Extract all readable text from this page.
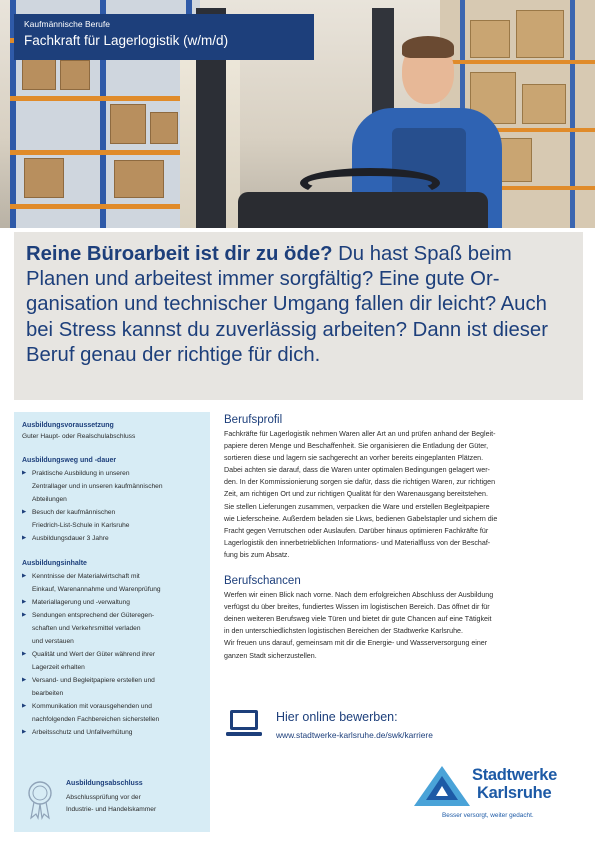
Kaufmännische Berufe
Fachkraft für Lagerlogistik (w/m/d)

Reine Büroarbeit ist dir zu öde? Du hast Spaß beim Planen und arbeitest immer sorgfältig? Eine gute Organisation und technischer Umgang fallen dir leicht? Auch bei Stress kannst du zuverlässig arbeiten? Dann ist dieser Beruf genau der richtige für dich.

Ausbildungsvoraussetzung
Guter Haupt- oder Realschulabschluss
Ausbildungsweg und -dauer
▶ Praktische Ausbildung in unseren
Zentrallager und in unseren kaufmännischen
Abteilungen
▶ Besuch der kaufmännischen
Friedrich-List-Schule in Karlsruhe
▶ Ausbildungsdauer 3 Jahre
Ausbildungsinhalte
▶ Kenntnisse der Materialwirtschaft mit
Einkauf, Warenannahme und Warenprüfung
▶ Materiallagerung und -verwaltung
▶ Sendungen entsprechend der Güteregen-
schaften und Verkehrsmittel verladen
und verstauen
▶ Qualität und Wert der Güter während ihrer
Lagerzeit erhalten
▶ Versand- und Begleitpapiere erstellen und
bearbeiten
▶ Kommunikation mit vorausgehenden und
nachfolgenden Fachbereichen sicherstellen
▶ Arbeitsschutz und Unfallverhütung
Ausbildungsabschluss
Abschlussprüfung vor der
Industrie- und Handelskammer
Berufsprofil
Fachkräfte für Lagerlogistik nehmen Waren aller Art an und prüfen anhand der Begleit-
papiere deren Menge und Beschaffenheit. Sie organisieren die Entladung der Güter,
sortieren diese und lagern sie sachgerecht an vorher bereits eingeplanten Plätzen.
Dabei achten sie darauf, dass die Waren unter optimalen Bedingungen gelagert wer-
den. In der Kommissionierung sorgen sie dafür, dass die richtigen Waren, zur richtigen
Zeit, am richtigen Ort und zur richtigen Qualität für den Warenausgang bereitstehen.
Sie stellen Lieferungen zusammen, verpacken die Ware und erstellen Begleitpapiere
wie Lieferscheine. Außerdem beladen sie Lkws, bedienen Gabelstapler und sichern die
Fracht gegen Verrutschen oder Auslaufen. Darüber hinaus optimieren Fachkräfte für
Lagerlogistik den innerbetrieblichen Informations- und Materialfluss von der Beschaf-
fung bis zum Absatz.
Berufschancen
Werfen wir einen Blick nach vorne. Nach dem erfolgreichen Abschluss der Ausbildung
verfügst du über breites, fundiertes Wissen im logistischen Bereich. Das öffnet dir für
deinen weiteren Berufsweg viele Türen und bietet dir gute Chancen auf eine Tätigkeit
in den unterschiedlichsten logistischen Bereichen der Stadtwerke Karlsruhe.
Wir freuen uns darauf, gemeinsam mit dir die Energie- und Wasserversorgung einer
ganzen Stadt sicherzustellen.
Hier online bewerben:
www.stadtwerke-karlsruhe.de/swk/karriere
Stadtwerke
Karlsruhe
Besser versorgt, weiter gedacht.
